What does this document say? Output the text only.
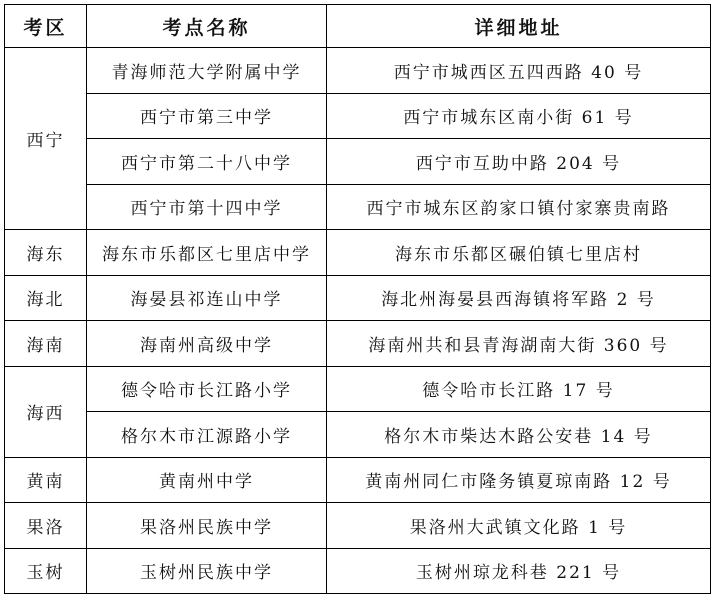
考区	考点名称	详细地址
西宁	青海师范大学附属中学	西宁市城西区五四西路 40 号
	西宁市第三中学	西宁市城东区南小街 61 号
	西宁市第二十八中学	西宁市互助中路 204 号
	西宁市第十四中学	西宁市城东区韵家口镇付家寨贵南路
海东	海东市乐都区七里店中学	海东市乐都区碾伯镇七里店村
海北	海晏县祁连山中学	海北州海晏县西海镇将军路 2 号
海南	海南州高级中学	海南州共和县青海湖南大街 360 号
海西	德令哈市长江路小学	德令哈市长江路 17 号
	格尔木市江源路小学	格尔木市柴达木路公安巷 14 号
黄南	黄南州中学	黄南州同仁市隆务镇夏琼南路 12 号
果洛	果洛州民族中学	果洛州大武镇文化路 1 号
玉树	玉树州民族中学	玉树州琼龙科巷 221 号
